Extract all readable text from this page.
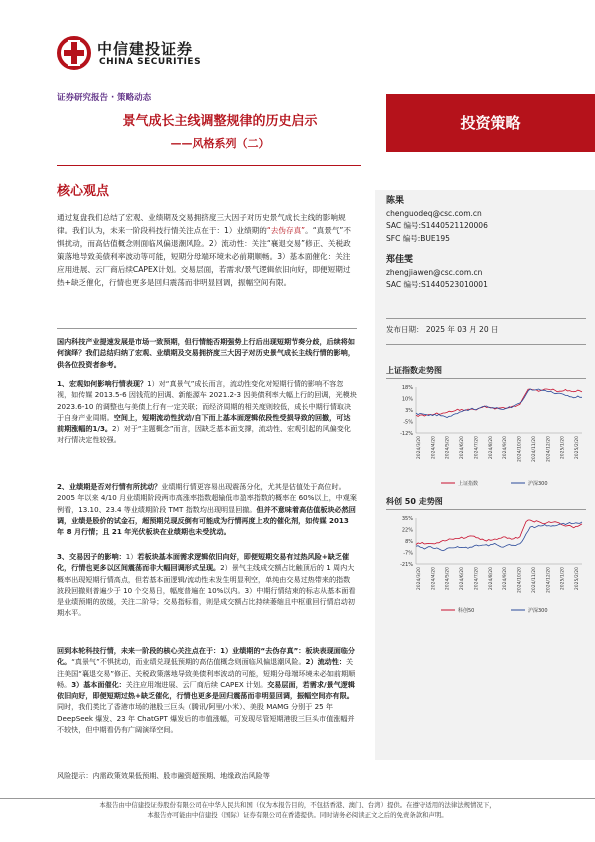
中信建投证券
CHINA SECURITIES
证券研究报告 · 策略动态
景气成长主线调整规律的历史启示
——风格系列（二）
投资策略
核心观点
陈果
chenguodeq@csc.com.cn
SAC 编号:S1440521120006
SFC 编号:BUE195
郑佳雯
zhengjiawen@csc.com.cn
SAC 编号:S1440523010001
发布日期： 2025 年 03 月 20 日
上证指数走势图
18%
10%
3%
-5%
-12%
2024/3/20 2024/4/20 2024/5/20 2024/6/20 2024/7/20 2024/8/20 2024/9/20 2024/10/20 2024/11/20 2024/12/20 2025/1/20 2025/2/20
上证指数	沪深300
科创 50 走势图
35%
22%
8%
-7%
-21%
2024/3/20 2024/4/20 2024/5/20 2024/6/20 2024/7/20 2024/8/20 2024/9/20 2024/10/20 2024/11/20 2024/12/20 2025/1/20 2025/2/20
科创50	沪深300
通过复盘我们总结了宏观、业绩期及交易拥挤度三大因子对历史景气成长主线的影响规律。我们认为，未来一阶段科技行情关注点在于：1）业绩期的“去伪存真”。“真景气”不惧扰动，而高估值概念则面临风偏退潮风险。2）流动性：关注“襄退交易”修正、关税政策落地导致美债利率波动等可能，短期分母端环境未必前期顺畅。3）基本面催化：关注应用进展、云厂商后续CAPEX计划。交易层面，若需求/景气逻辑依旧向好，即便短期过热+缺乏催化，行情也更多是回归震荡而非明显回调，振幅空间有限。
国内科技产业提速发展是市场一致预期，但行情能否期强势上行后出现短期节奏分歧，后续将如何演绎？我们总结归纳了宏观、业绩期及交易拥挤度三大因子对历史景气成长主线行情的影响，供各位投资者参考。
1、宏观如何影响行情表现？1）对“真景气”成长而言，流动性变化对短期行情的影响不容忽视，如传媒 2013.5-6 因钱荒的回调、新能源车 2021.2-3 因美债利率大幅上行的回调，光模块 2023.6-10 的调整也与美债上行有一定关联；而经济周期的相关度则较低，成长中期行情取决于自身产业周期。空间上，短期流动性扰动/自下而上基本面逻辑依段性受损导致的回撤，可达前期涨幅的1/3。2）对于“主题概念”而言，因缺乏基本面支撑，流动性、宏观引起的风偏变化对行情决定性较强。
2、业绩期是否对行情有所扰动？业绩期行情更容易出现震荡分化，尤其是估值处于高位时。2005 年以来 4/10 月业绩期阶段两市高涨率指数超输低市盈率指数的概率在 60%以上，中观案例看，13.10、23.4 等业绩期阶段 TMT 指数均出现明显回撤。但并不意味着高估值板块必然回调，业绩是股价的试金石，超预期兑现反倒有可能成为行情再度上攻的催化剂，如传媒 2013 年 8 月行情；且 21 年光伏板块在业绩期也未受扰动。
3、交易因子的影响：1）若板块基本面需求逻辑依旧向好，即便短期交易有过热风险+缺乏催化，行情也更多以区间震荡而非大幅回调形式呈现。2）景气主线成交额占比触顶后的 1 周内大概率出现短期行情高点，但若基本面逻辑/流动性未发生明显利空，单纯由交易过热带来的指数波段回撤则普遍少于 10 个交易日，幅度普遍在 10%以内。3）中期行情结束的标志从基本面看是业绩预期的放缓，关注二阶导；交易指标看，则是成交额占比持续萎缩且中枢重回行情启动初期水平。
回到本轮科技行情，未来一阶段的核心关注点在于：1）业绩期的“去伪存真”：板块表现面临分化。“真景气”不惧扰动，而业绩兑现低预期的高估值概念则面临风偏退潮风险。2）流动性：关注美国“襄退交易”修正、关税政策落地导致美债利率波动的可能，短期分母端环境未必如前期顺畅。3）基本面催化：关注应用端进展、云厂商后续 CAPEX 计划。交易层面，若需求/景气逻辑依旧向好，即便短期过热+缺乏催化，行情也更多是回归震荡而非明显回调，振幅空间亦有限。同时，我们类比了香港市场的港股三巨头（腾讯/阿里/小米）、美股 MAMG 分别于 25 年 DeepSeek 爆发、23 年 ChatGPT 爆发后的市值涨幅，可发现尽管短期港股三巨头市值涨幅并不较快，但中期看仍有广阔演绎空间。
风险提示：内需政策效果低预期、股市融资超预期、地缘政治风险等
本报告由中信建投证券股份有限公司在中华人民共和国（仅为本报告目的，不包括香港、澳门、台湾）提供。在遵守适用的法律法规情况下，
本报告亦可能由中信建投（国际）证券有限公司在香港提供。同时请务必阅读正文之后的免责条款和声明。
